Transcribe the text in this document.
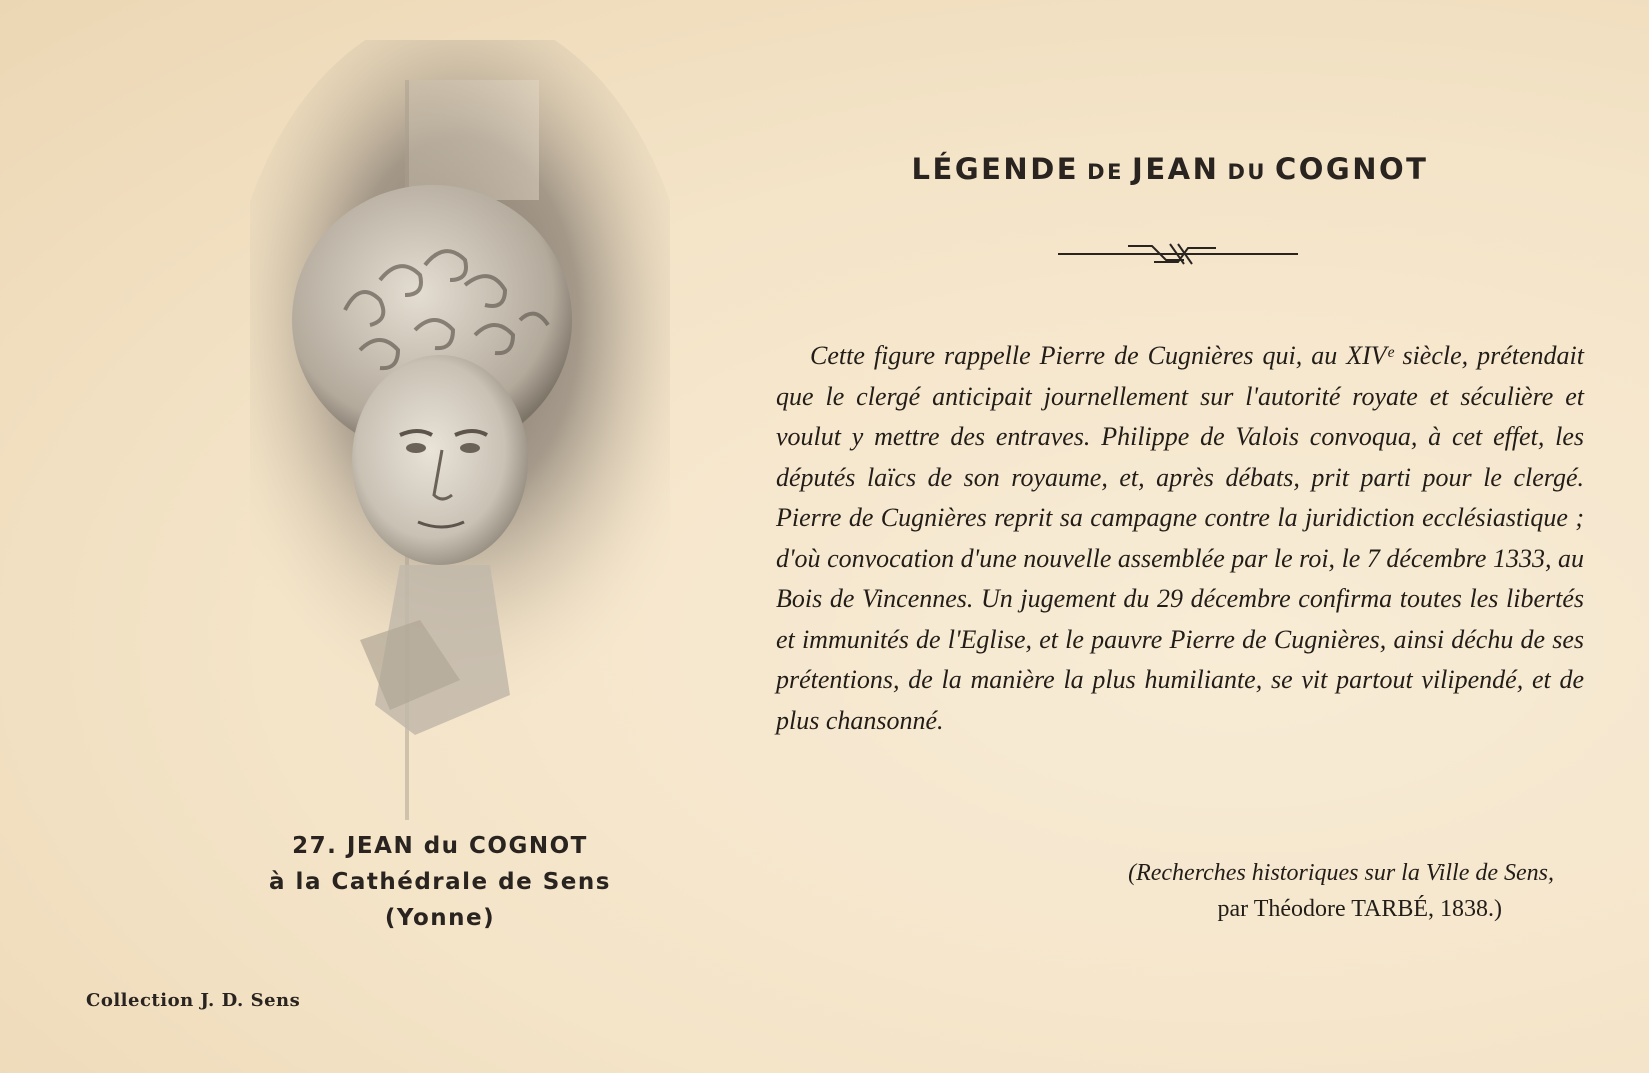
LÉGENDE DE JEAN DU COGNOT

Cette figure rappelle Pierre de Cugnières qui, au XIVᵉ siècle, prétendait que le clergé anticipait journellement sur l'autorité royate et séculière et voulut y mettre des entraves. Philippe de Valois convoqua, à cet effet, les députés laïcs de son royaume, et, après débats, prit parti pour le clergé. Pierre de Cugnières reprit sa campagne contre la juridiction ecclésiastique ; d'où convocation d'une nouvelle assemblée par le roi, le 7 décembre 1333, au Bois de Vincennes. Un jugement du 29 décembre confirma toutes les libertés et immunités de l'Eglise, et le pauvre Pierre de Cugnières, ainsi déchu de ses prétentions, de la manière la plus humiliante, se vit partout vilipendé, et de plus chansonné.

(Recherches historiques sur la Ville de Sens,
par Théodore TARBÉ, 1838.)
27. JEAN du COGNOT
à la Cathédrale de Sens
(Yonne)
Collection J. D. Sens
